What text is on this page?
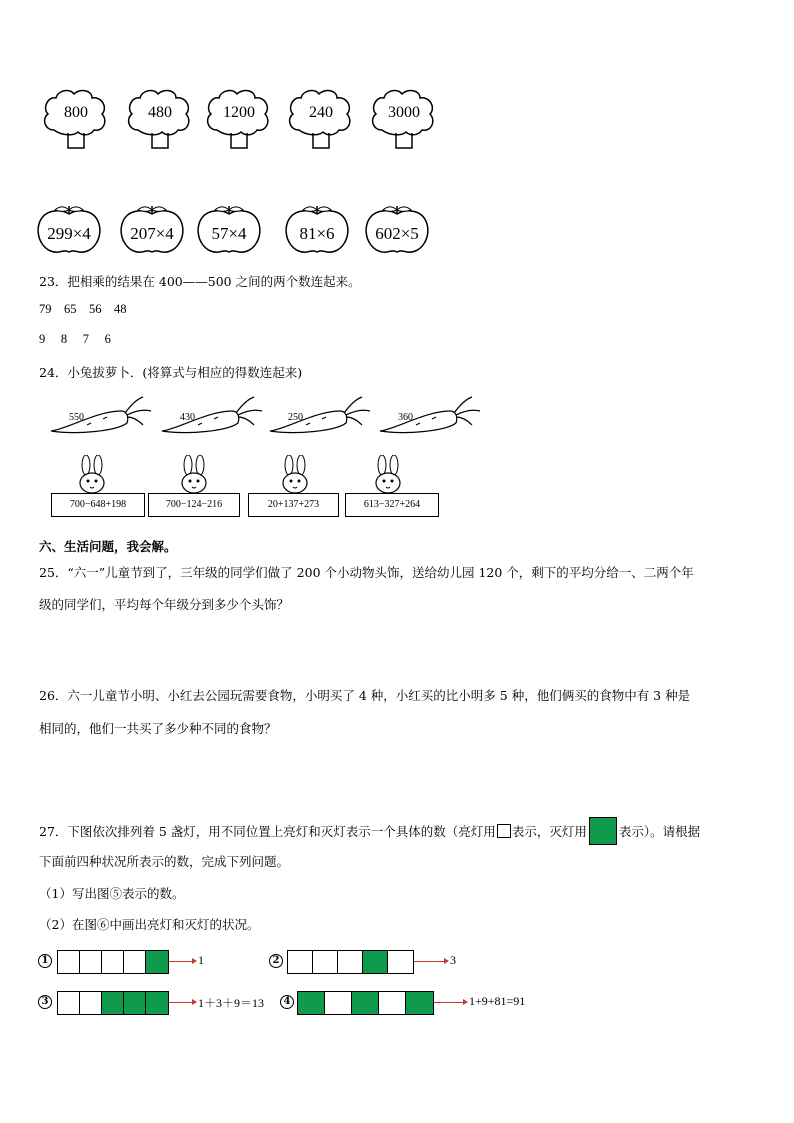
800	480	1200	240	3000
299×4	207×4	57×4	81×6	602×5
23．把相乘的结果在 400——500 之间的两个数连起来。
79    65    56    48
9     8     7     6
24．小兔拔萝卜．(将算式与相应的得数连起来)
550	430	250	360
700−648+198	700−124−216	20+137+273	613−327+264
六、生活问题，我会解。
25．“六一”儿童节到了，三年级的同学们做了 200 个小动物头饰，送给幼儿园 120 个，剩下的平均分给一、二两个年
级的同学们，平均每个年级分到多少个头饰？
26．六一儿童节小明、小红去公园玩需要食物，小明买了 4 种，小红买的比小明多 5 种，他们俩买的食物中有 3 种是
相同的，他们一共买了多少种不同的食物？
27．下图依次排列着 5 盏灯，用不同位置上亮灯和灭灯表示一个具体的数（亮灯用 表示，灭灯用	表示）。请根据
下面前四种状况所表示的数，完成下列问题。
（1）写出图⑤表示的数。
（2）在图⑥中画出亮灯和灭灯的状况。
1	1	2	3
3	1＋3＋9＝13	4	1+9+81=91
